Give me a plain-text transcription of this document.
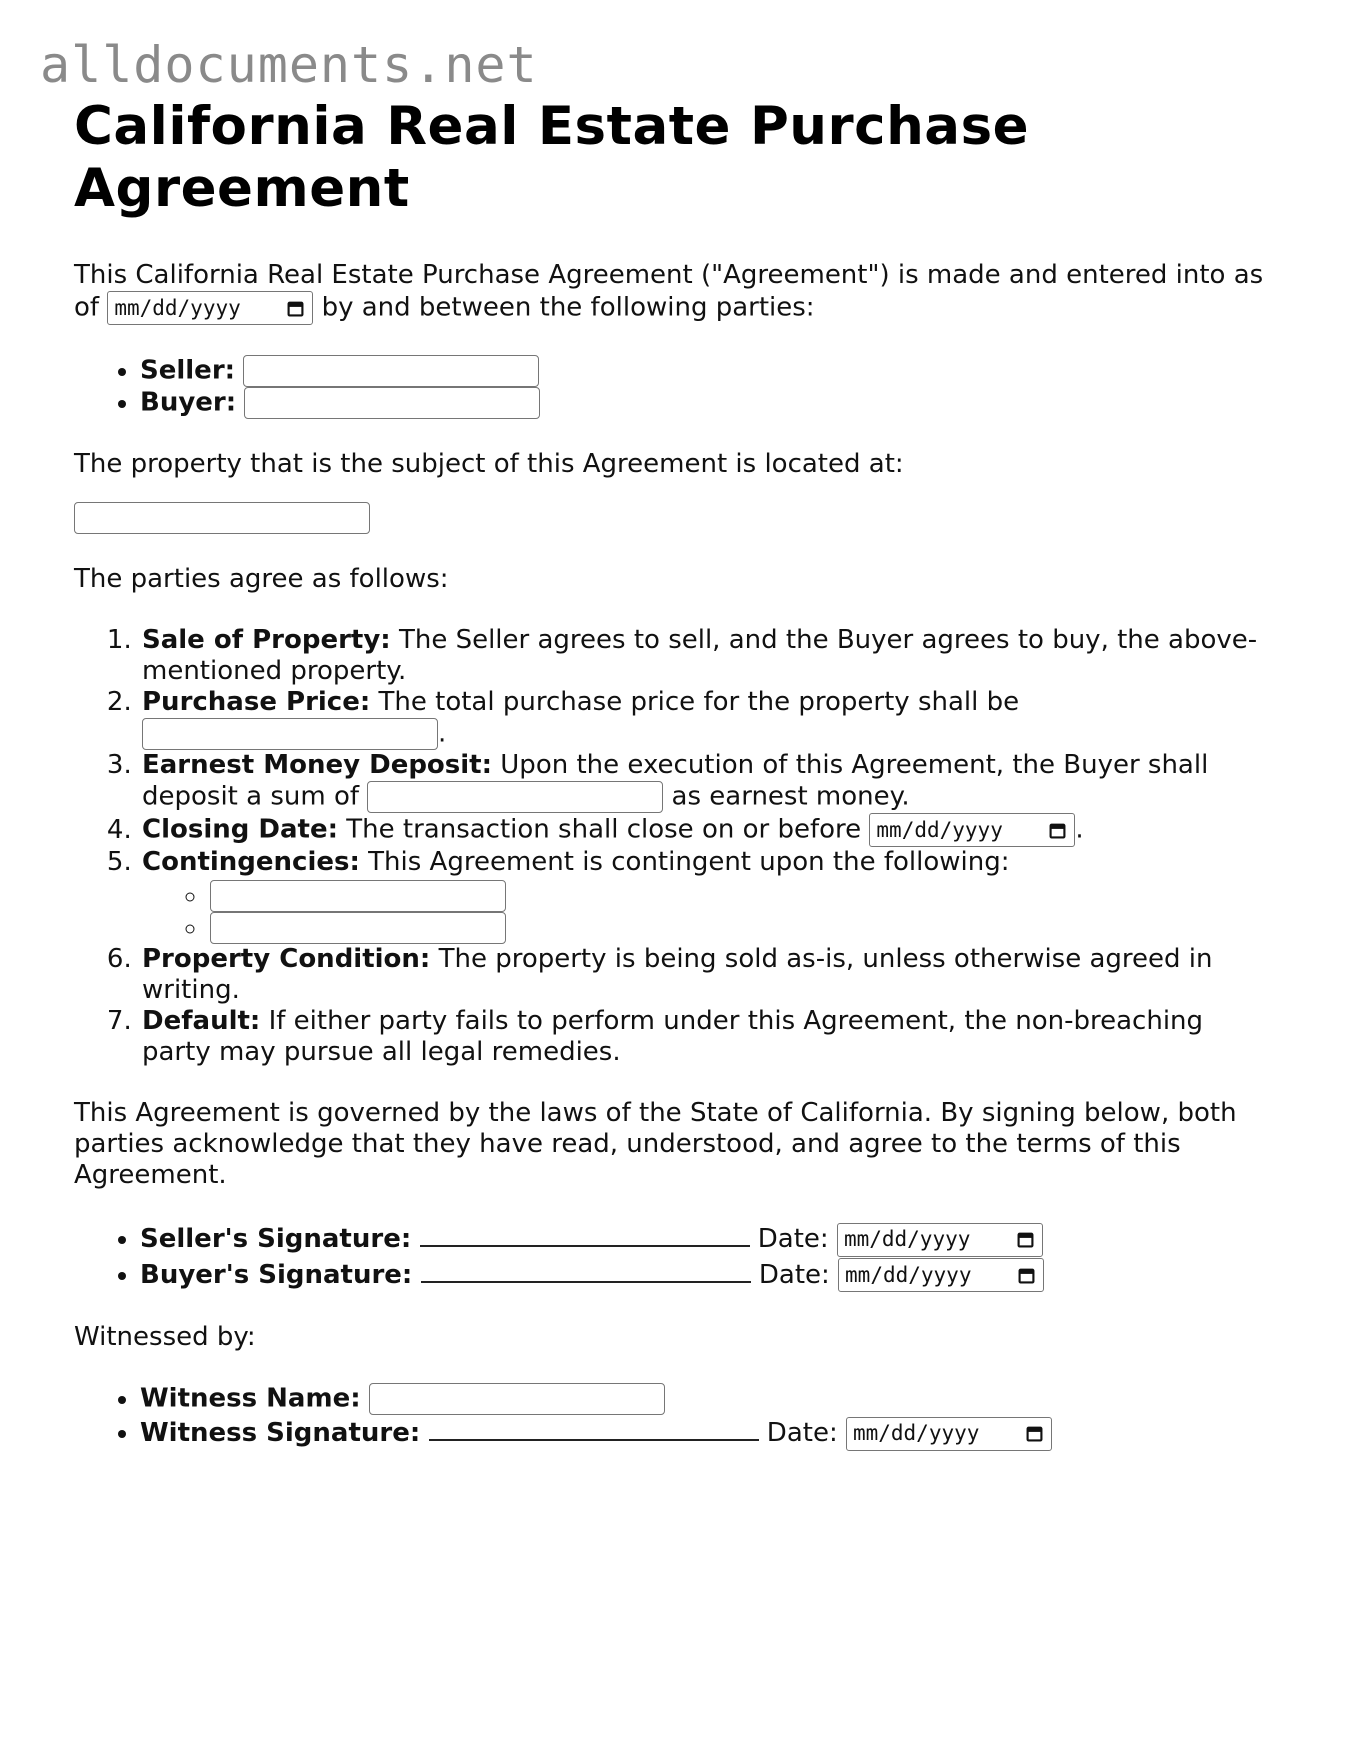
alldocuments.net
California Real Estate Purchase Agreement

This California Real Estate Purchase Agreement ("Agreement") is made and entered into as of mm/dd/yyyy	by and between the following parties:

• Seller:
• Buyer:

The property that is the subject of this Agreement is located at:

The parties agree as follows:

1. Sale of Property: The Seller agrees to sell, and the Buyer agrees to buy, the above-mentioned property.
2. Purchase Price: The total purchase price for the property shall be
.
3. Earnest Money Deposit: Upon the execution of this Agreement, the Buyer shall deposit a sum of	as earnest money.
4. Closing Date: The transaction shall close on or before mm/dd/yyyy	.
5. Contingencies: This Agreement is contingent upon the following:
◦
◦
6. Property Condition: The property is being sold as-is, unless otherwise agreed in writing.
7. Default: If either party fails to perform under this Agreement, the non-breaching party may pursue all legal remedies.

This Agreement is governed by the laws of the State of California. By signing below, both parties acknowledge that they have read, understood, and agree to the terms of this Agreement.

• Seller's Signature:	Date: mm/dd/yyyy
• Buyer's Signature:	Date: mm/dd/yyyy

Witnessed by:

• Witness Name:
• Witness Signature:	Date: mm/dd/yyyy
